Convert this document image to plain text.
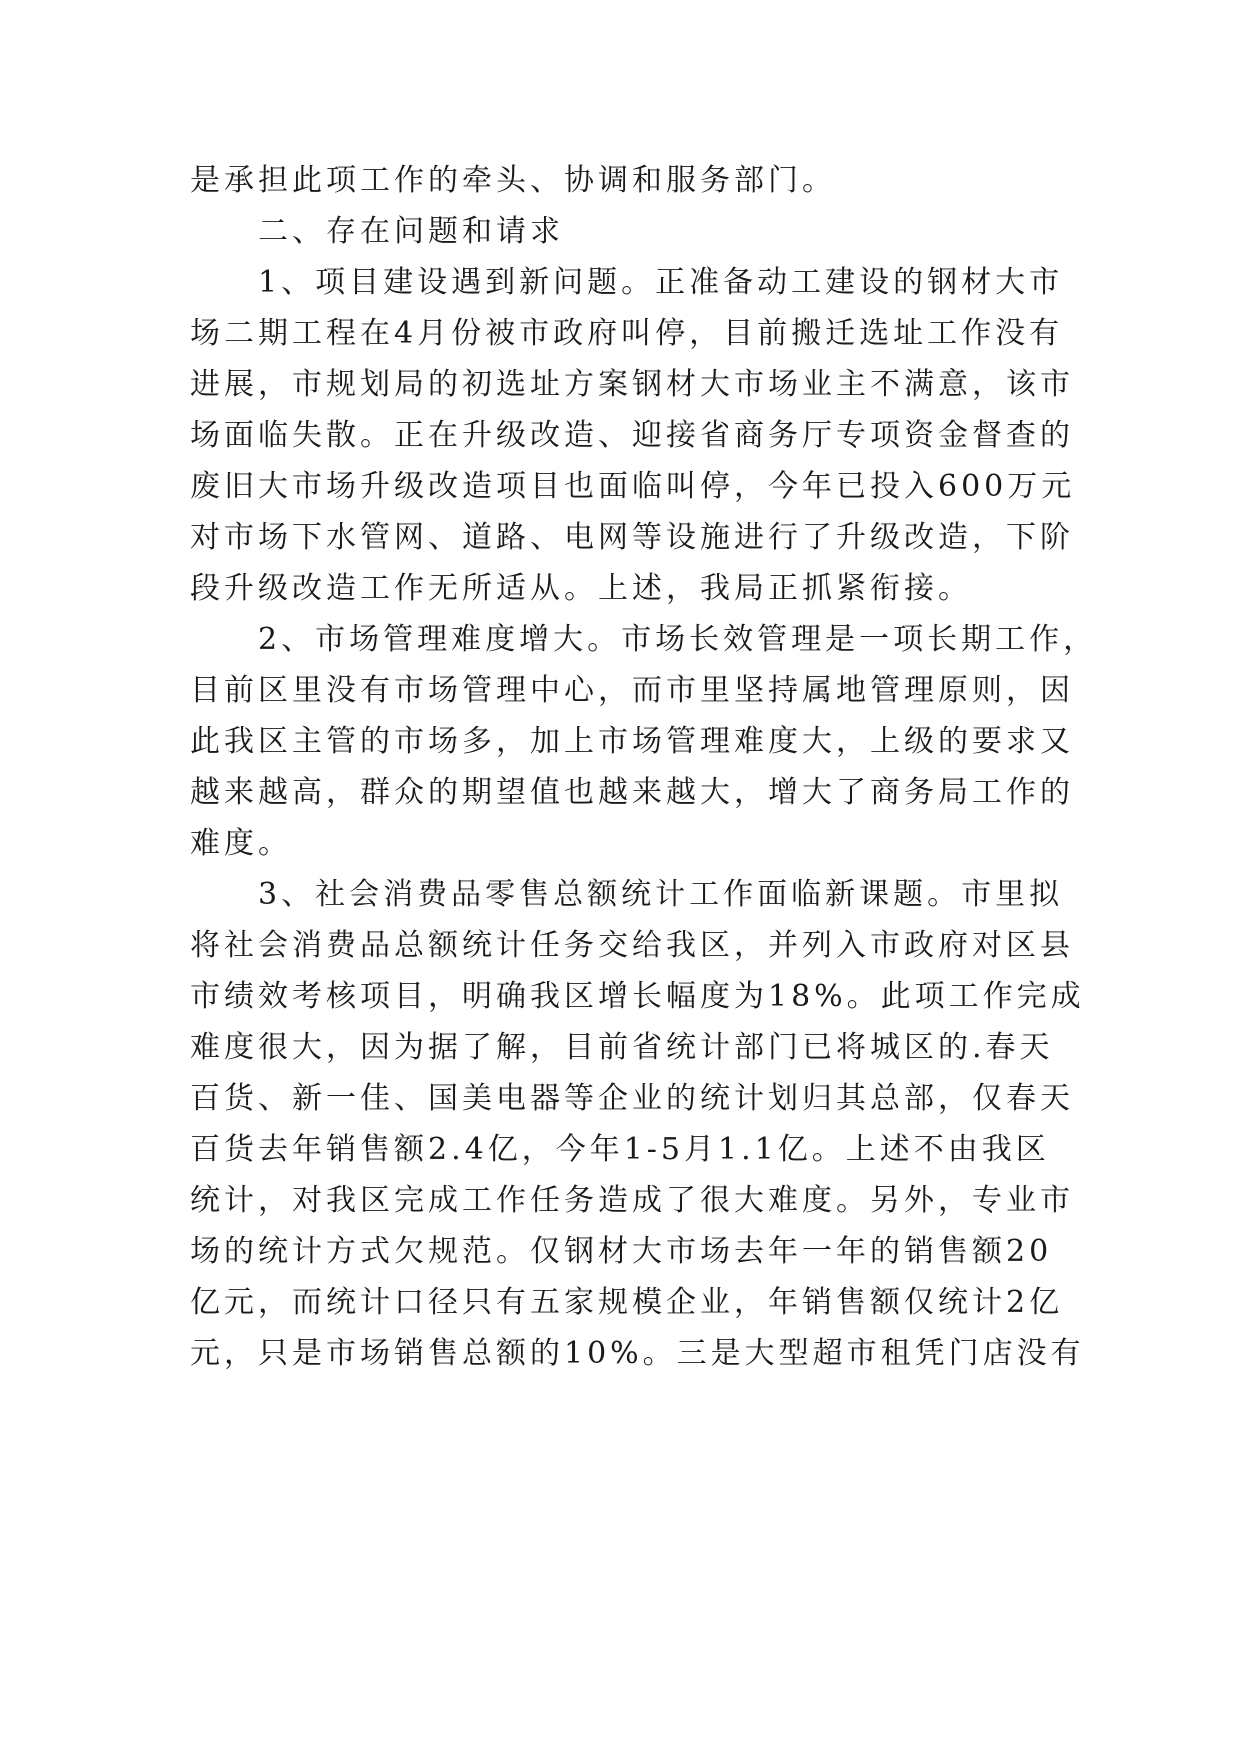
是承担此项工作的牵头、协调和服务部门。
　　二、存在问题和请求
　　1、项目建设遇到新问题。正准备动工建设的钢材大市
场二期工程在4月份被市政府叫停，目前搬迁选址工作没有
进展，市规划局的初选址方案钢材大市场业主不满意，该市
场面临失散。正在升级改造、迎接省商务厅专项资金督查的
废旧大市场升级改造项目也面临叫停，今年已投入600万元
对市场下水管网、道路、电网等设施进行了升级改造，下阶
段升级改造工作无所适从。上述，我局正抓紧衔接。
　　2、市场管理难度增大。市场长效管理是一项长期工作，
目前区里没有市场管理中心，而市里坚持属地管理原则，因
此我区主管的市场多，加上市场管理难度大，上级的要求又
越来越高，群众的期望值也越来越大，增大了商务局工作的
难度。
　　3、社会消费品零售总额统计工作面临新课题。市里拟
将社会消费品总额统计任务交给我区，并列入市政府对区县
市绩效考核项目，明确我区增长幅度为18%。此项工作完成
难度很大，因为据了解，目前省统计部门已将城区的.春天
百货、新一佳、国美电器等企业的统计划归其总部，仅春天
百货去年销售额2.4亿，今年1-5月1.1亿。上述不由我区
统计，对我区完成工作任务造成了很大难度。另外，专业市
场的统计方式欠规范。仅钢材大市场去年一年的销售额20
亿元，而统计口径只有五家规模企业，年销售额仅统计2亿
元，只是市场销售总额的10%。三是大型超市租凭门店没有
